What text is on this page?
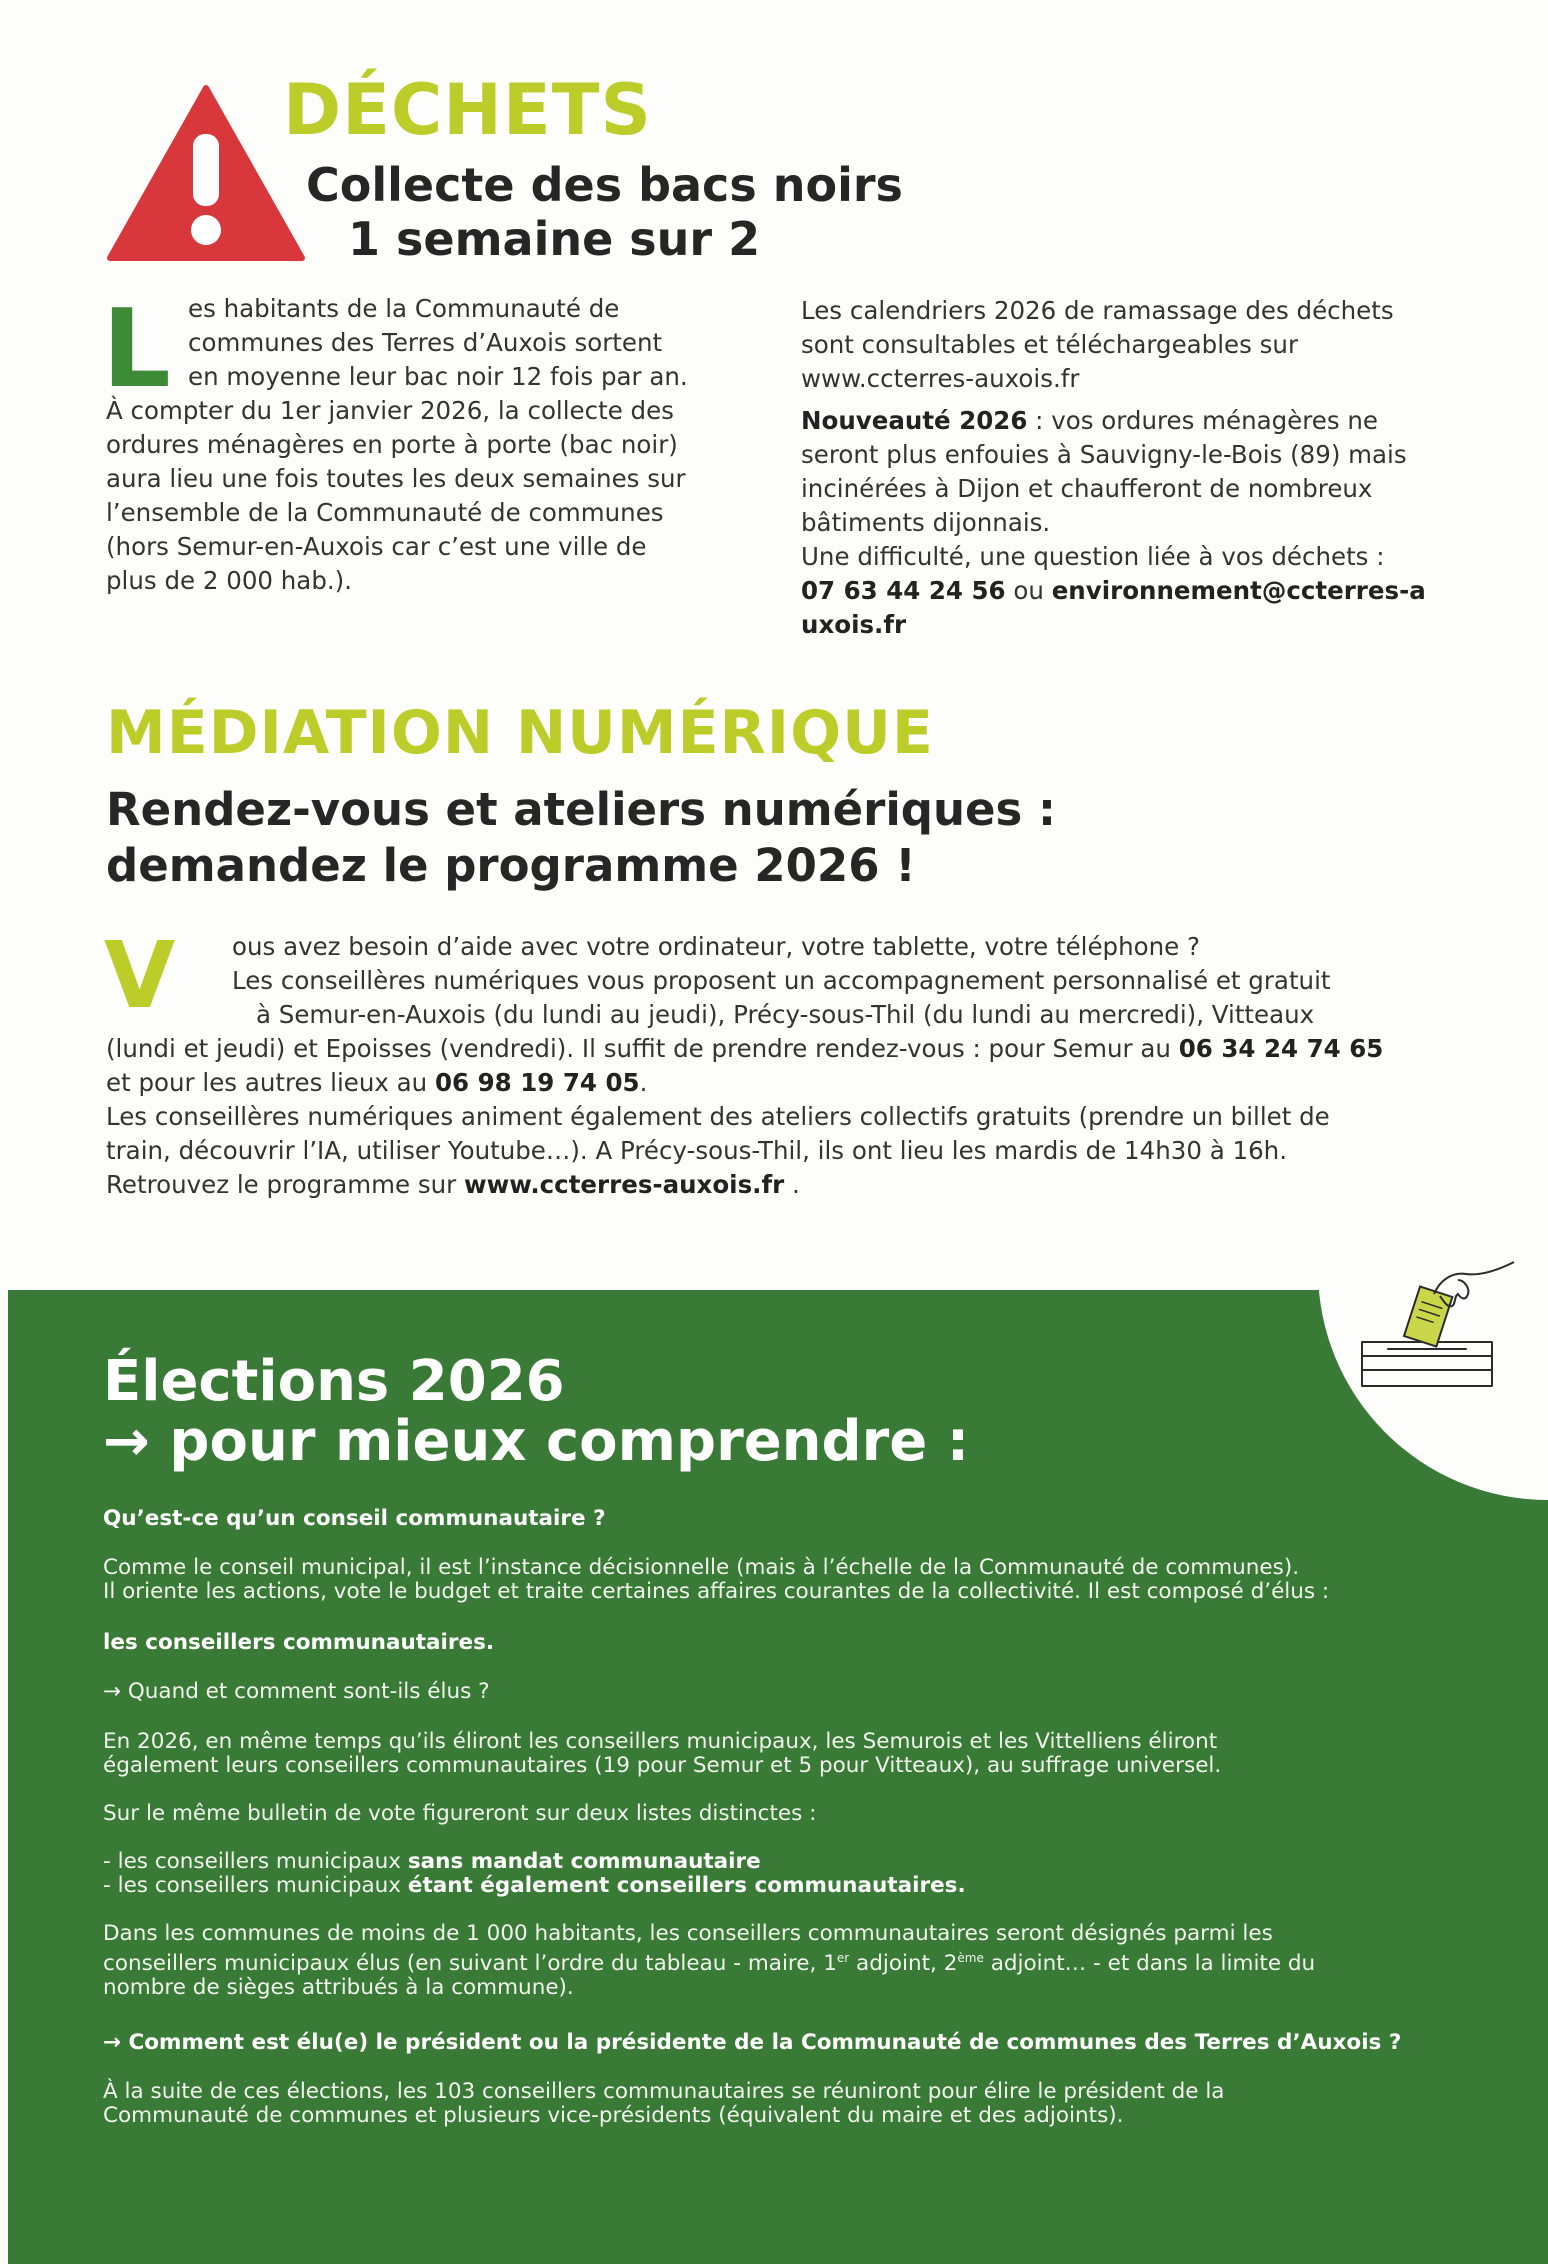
DÉCHETS
Collecte des bacs noirs
1 semaine sur 2
L es habitants de la Communauté de
communes des Terres d’Auxois sortent
en moyenne leur bac noir 12 fois par an.
À compter du 1er janvier 2026, la collecte des
ordures ménagères en porte à porte (bac noir)
aura lieu une fois toutes les deux semaines sur
l’ensemble de la Communauté de communes
(hors Semur-en-Auxois car c’est une ville de
plus de 2 000 hab.).
Les calendriers 2026 de ramassage des déchets sont consultables et téléchargeables sur www.ccterres-auxois.fr
Nouveauté 2026 : vos ordures ménagères ne seront plus enfouies à Sauvigny-le-Bois (89) mais incinérées à Dijon et chaufferont de nombreux bâtiments dijonnais.
Une difficulté, une question liée à vos déchets :
07 63 44 24 56 ou environnement@ccterres-auxois.fr
MÉDIATION NUMÉRIQUE
Rendez-vous et ateliers numériques :
demandez le programme 2026 !
V	ous avez besoin d’aide avec votre ordinateur, votre tablette, votre téléphone ?
Les conseillères numériques vous proposent un accompagnement personnalisé et gratuit
à Semur-en-Auxois (du lundi au jeudi), Précy-sous-Thil (du lundi au mercredi), Vitteaux
(lundi et jeudi) et Epoisses (vendredi). Il suffit de prendre rendez-vous : pour Semur au 06 34 24 74 65
et pour les autres lieux au 06 98 19 74 05.
Les conseillères numériques animent également des ateliers collectifs gratuits (prendre un billet de
train, découvrir l’IA, utiliser Youtube…). A Précy-sous-Thil, ils ont lieu les mardis de 14h30 à 16h.
Retrouvez le programme sur www.ccterres-auxois.fr .
Élections 2026
→ pour mieux comprendre :
Qu’est-ce qu’un conseil communautaire ?
Comme le conseil municipal, il est l’instance décisionnelle (mais à l’échelle de la Communauté de communes).
Il oriente les actions, vote le budget et traite certaines affaires courantes de la collectivité. Il est composé d’élus :
les conseillers communautaires.
→ Quand et comment sont-ils élus ?
En 2026, en même temps qu’ils éliront les conseillers municipaux, les Semurois et les Vittelliens éliront
également leurs conseillers communautaires (19 pour Semur et 5 pour Vitteaux), au suffrage universel.
Sur le même bulletin de vote figureront sur deux listes distinctes :
- les conseillers municipaux sans mandat communautaire
- les conseillers municipaux étant également conseillers communautaires.
Dans les communes de moins de 1 000 habitants, les conseillers communautaires seront désignés parmi les
conseillers municipaux élus (en suivant l’ordre du tableau - maire, 1er adjoint, 2ème adjoint… - et dans la limite du
nombre de sièges attribués à la commune).
→ Comment est élu(e) le président ou la présidente de la Communauté de communes des Terres d’Auxois ?
À la suite de ces élections, les 103 conseillers communautaires se réuniront pour élire le président de la
Communauté de communes et plusieurs vice-présidents (équivalent du maire et des adjoints).
